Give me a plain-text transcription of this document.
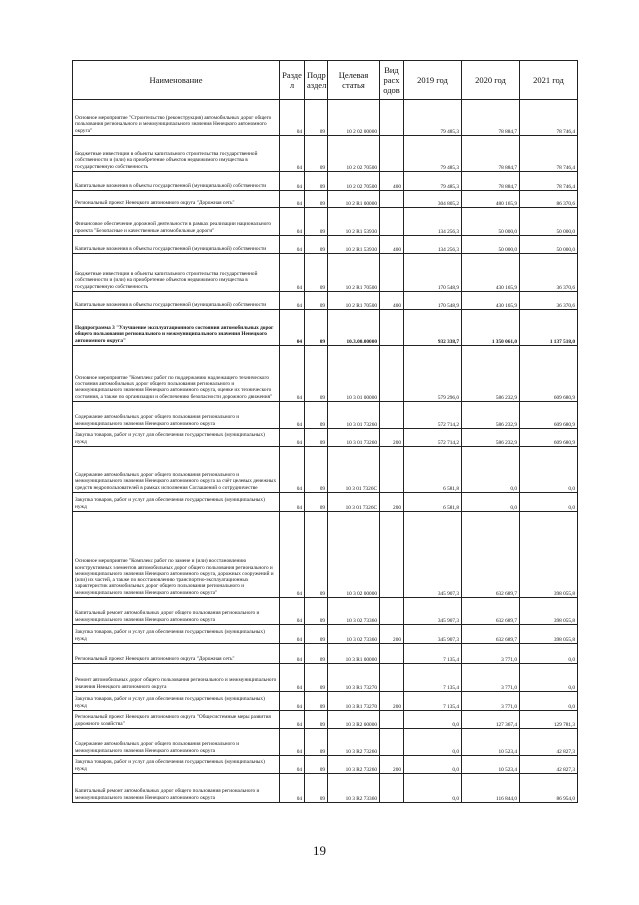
Наименование	Разде л	Подр аздел	Целевая статья	Вид расх одов	2019 год	2020 год	2021 год
Основное мероприятие "Строительство (реконструкция) автомобильных дорог общего пользования регионального и межмуниципального значения Ненецкого автономного округа"	04	09	10 2 02 00000		79 485,3	78 884,7	78 746,4
Бюджетные инвестиции в объекты капитального строительства государственной собственности и (или) на приобретение объектов недвижимого имущества в государственную собственность	04	09	10 2 02 70500		79 485,3	78 884,7	78 746,4
Капитальные вложения в объекты государственной (муниципальной) собственности	04	09	10 2 02 70500	400	79 485,3	78 884,7	78 746,4
Региональный проект Ненецкого автономного округа "Дорожная сеть"	04	09	10 2 R1 00000		304 805,2	480 165,9	86 370,6
Финансовое обеспечение дорожной деятельности в рамках реализации национального проекта "Безопасные и качественные автомобильные дороги"	04	09	10 2 R1 53930		134 256,3	50 000,0	50 000,0
Капитальные вложения в объекты государственной (муниципальной) собственности	04	09	10 2 R1 53930	400	134 256,3	50 000,0	50 000,0
Бюджетные инвестиции в объекты капитального строительства государственной собственности и (или) на приобретение объектов недвижимого имущества в государственную собственность	04	09	10 2 R1 70500		170 548,9	430 165,9	36 370,6
Капитальные вложения в объекты государственной (муниципальной) собственности	04	09	10 2 R1 70500	400	170 548,9	430 165,9	36 370,6
Подпрограмма 3 "Улучшение эксплуатационного состояния автомобильных дорог общего пользования регионального и межмуниципального значения Ненецкого автономного округа"	04	09	10.3.00.00000		932 338,7	1 350 061,0	1 137 518,0
Основное мероприятие "Комплекс работ по поддержанию надлежащего технического состояния автомобильных дорог общего пользования регионального и межмуниципального значения Ненецкого автономного округа, оценке их технического состояния, а также по организации и обеспечению безопасности дорожного движения"	04	09	10 3 01 00000		579 296,0	586 232,9	609 680,9
Содержание автомобильных дорог общего пользования регионального и межмуниципального значения Ненецкого автономного округа	04	09	10 3 01 73260		572 714,2	586 232,9	609 680,9
Закупка товаров, работ и услуг для обеспечения государственных (муниципальных) нужд	04	09	10 3 01 73260	200	572 714,2	586 232,9	609 680,9
Содержание автомобильных дорог общего пользования регионального и межмуниципального значения Ненецкого автономного округа за счёт целевых денежных средств недропользователей в рамках исполнения Соглашений о сотрудничестве	04	09	10 3 01 7326С		6 581,8	0,0	0,0
Закупка товаров, работ и услуг для обеспечения государственных (муниципальных) нужд	04	09	10 3 01 7326С	200	6 581,8	0,0	0,0
Основное мероприятие "Комплекс работ по замене и (или) восстановлению конструктивных элементов автомобильных дорог общего пользования регионального и межмуниципального значения Ненецкого автономного округа, дорожных сооружений и (или) их частей, а также по восстановлению транспортно-эксплуатационных характеристик автомобильных дорог общего пользования регионального и межмуниципального значения Ненецкого автономного округа"	04	09	10 3 02 00000		345 907,3	632 689,7	398 055,8
Капитальный ремонт автомобильных дорог общего пользования регионального и межмуниципального значения Ненецкого автономного округа	04	09	10 3 02 73360		345 907,3	632 689,7	398 055,8
Закупка товаров, работ и услуг для обеспечения государственных (муниципальных) нужд	04	09	10 3 02 73360	200	345 907,3	632 689,7	398 055,8
Региональный проект Ненецкого автономного округа "Дорожная сеть"	04	09	10 3 R1 00000		7 135,4	3 771,0	0,0
Ремонт автомобильных дорог общего пользования регионального и межмуниципального значения Ненецкого автономного округа	04	09	10 3 R1 73270		7 135,4	3 771,0	0,0
Закупка товаров, работ и услуг для обеспечения государственных (муниципальных) нужд	04	09	10 3 R1 73270	200	7 135,4	3 771,0	0,0
Региональный проект Ненецкого автономного округа "Общесистемные меры развития дорожного хозяйства"	04	09	10 3 R2 00000		0,0	127 367,4	129 781,3
Содержание автомобильных дорог общего пользования регионального и межмуниципального значения Ненецкого автономного округа	04	09	10 3 R2 73260		0,0	10 523,4	42 827,3
Закупка товаров, работ и услуг для обеспечения государственных (муниципальных) нужд	04	09	10 3 R2 73260	200	0,0	10 523,4	42 827,3
Капитальный ремонт автомобильных дорог общего пользования регионального и межмуниципального значения Ненецкого автономного округа	04	09	10 3 R2 73360		0,0	116 844,0	86 954,0
19
